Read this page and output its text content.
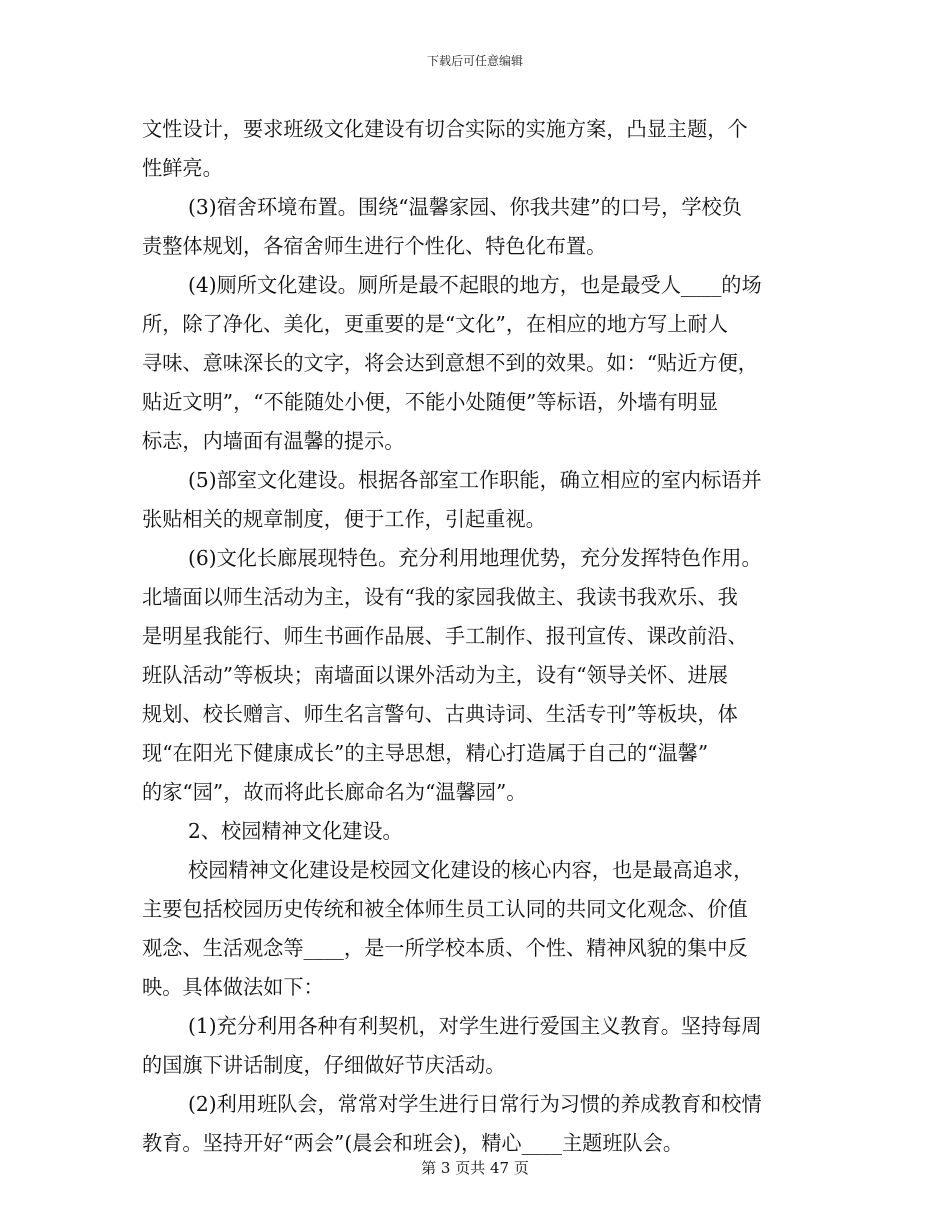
下载后可任意编辑
文性设计，要求班级文化建设有切合实际的实施方案，凸显主题，个
性鲜亮。
(3)宿舍环境布置。围绕“温馨家园、你我共建”的口号，学校负
责整体规划，各宿舍师生进行个性化、特色化布置。
(4)厕所文化建设。厕所是最不起眼的地方，也是最受人____的场
所，除了净化、美化，更重要的是“文化”，在相应的地方写上耐人
寻味、意味深长的文字，将会达到意想不到的效果。如：“贴近方便，
贴近文明”，“不能随处小便，不能小处随便”等标语，外墙有明显
标志，内墙面有温馨的提示。
(5)部室文化建设。根据各部室工作职能，确立相应的室内标语并
张贴相关的规章制度，便于工作，引起重视。
(6)文化长廊展现特色。充分利用地理优势，充分发挥特色作用。
北墙面以师生活动为主，设有“我的家园我做主、我读书我欢乐、我
是明星我能行、师生书画作品展、手工制作、报刊宣传、课改前沿、
班队活动”等板块；南墙面以课外活动为主，设有“领导关怀、进展
规划、校长赠言、师生名言警句、古典诗词、生活专刊”等板块，体
现“在阳光下健康成长”的主导思想，精心打造属于自己的“温馨”
的家“园”，故而将此长廊命名为“温馨园”。
2、校园精神文化建设。
校园精神文化建设是校园文化建设的核心内容，也是最高追求，
主要包括校园历史传统和被全体师生员工认同的共同文化观念、价值
观念、生活观念等____，是一所学校本质、个性、精神风貌的集中反
映。具体做法如下：
(1)充分利用各种有利契机，对学生进行爱国主义教育。坚持每周
的国旗下讲话制度，仔细做好节庆活动。
(2)利用班队会，常常对学生进行日常行为习惯的养成教育和校情
教育。坚持开好“两会”(晨会和班会)，精心____主题班队会。
第 3 页共 47 页
